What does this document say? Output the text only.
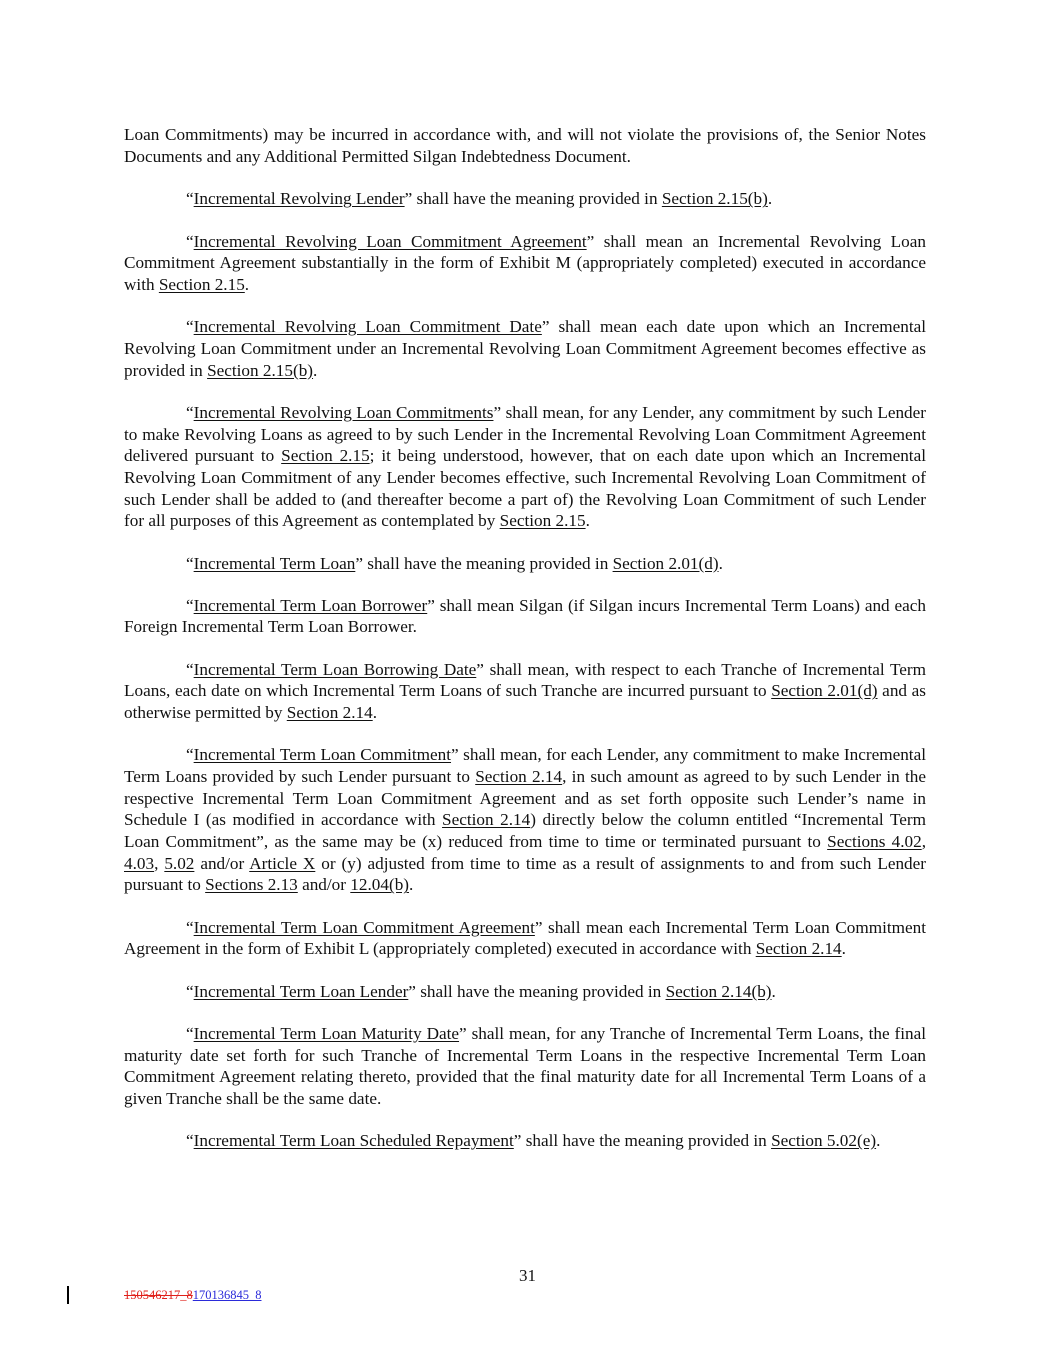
Loan Commitments) may be incurred in accordance with, and will not violate the provisions of, the Senior Notes Documents and any Additional Permitted Silgan Indebtedness Document.

“Incremental Revolving Lender” shall have the meaning provided in Section 2.15(b).

“Incremental Revolving Loan Commitment Agreement” shall mean an Incremental Revolving Loan Commitment Agreement substantially in the form of Exhibit M (appropriately completed) executed in accordance with Section 2.15.

“Incremental Revolving Loan Commitment Date” shall mean each date upon which an Incremental Revolving Loan Commitment under an Incremental Revolving Loan Commitment Agreement becomes effective as provided in Section 2.15(b).

“Incremental Revolving Loan Commitments” shall mean, for any Lender, any commitment by such Lender to make Revolving Loans as agreed to by such Lender in the Incremental Revolving Loan Commitment Agreement delivered pursuant to Section 2.15; it being understood, however, that on each date upon which an Incremental Revolving Loan Commitment of any Lender becomes effective, such Incremental Revolving Loan Commitment of such Lender shall be added to (and thereafter become a part of) the Revolving Loan Commitment of such Lender for all purposes of this Agreement as contemplated by Section 2.15.

“Incremental Term Loan” shall have the meaning provided in Section 2.01(d).

“Incremental Term Loan Borrower” shall mean Silgan (if Silgan incurs Incremental Term Loans) and each Foreign Incremental Term Loan Borrower.

“Incremental Term Loan Borrowing Date” shall mean, with respect to each Tranche of Incremental Term Loans, each date on which Incremental Term Loans of such Tranche are incurred pursuant to Section 2.01(d) and as otherwise permitted by Section 2.14.

“Incremental Term Loan Commitment” shall mean, for each Lender, any commitment to make Incremental Term Loans provided by such Lender pursuant to Section 2.14, in such amount as agreed to by such Lender in the respective Incremental Term Loan Commitment Agreement and as set forth opposite such Lender’s name in Schedule I (as modified in accordance with Section 2.14) directly below the column entitled “Incremental Term Loan Commitment”, as the same may be (x) reduced from time to time or terminated pursuant to Sections 4.02, 4.03, 5.02 and/or Article X or (y) adjusted from time to time as a result of assignments to and from such Lender pursuant to Sections 2.13 and/or 12.04(b).

“Incremental Term Loan Commitment Agreement” shall mean each Incremental Term Loan Commitment Agreement in the form of Exhibit L (appropriately completed) executed in accordance with Section 2.14.

“Incremental Term Loan Lender” shall have the meaning provided in Section 2.14(b).

“Incremental Term Loan Maturity Date” shall mean, for any Tranche of Incremental Term Loans, the final maturity date set forth for such Tranche of Incremental Term Loans in the respective Incremental Term Loan Commitment Agreement relating thereto, provided that the final maturity date for all Incremental Term Loans of a given Tranche shall be the same date.

“Incremental Term Loan Scheduled Repayment” shall have the meaning provided in Section 5.02(e).

31
150546217_8170136845_8
